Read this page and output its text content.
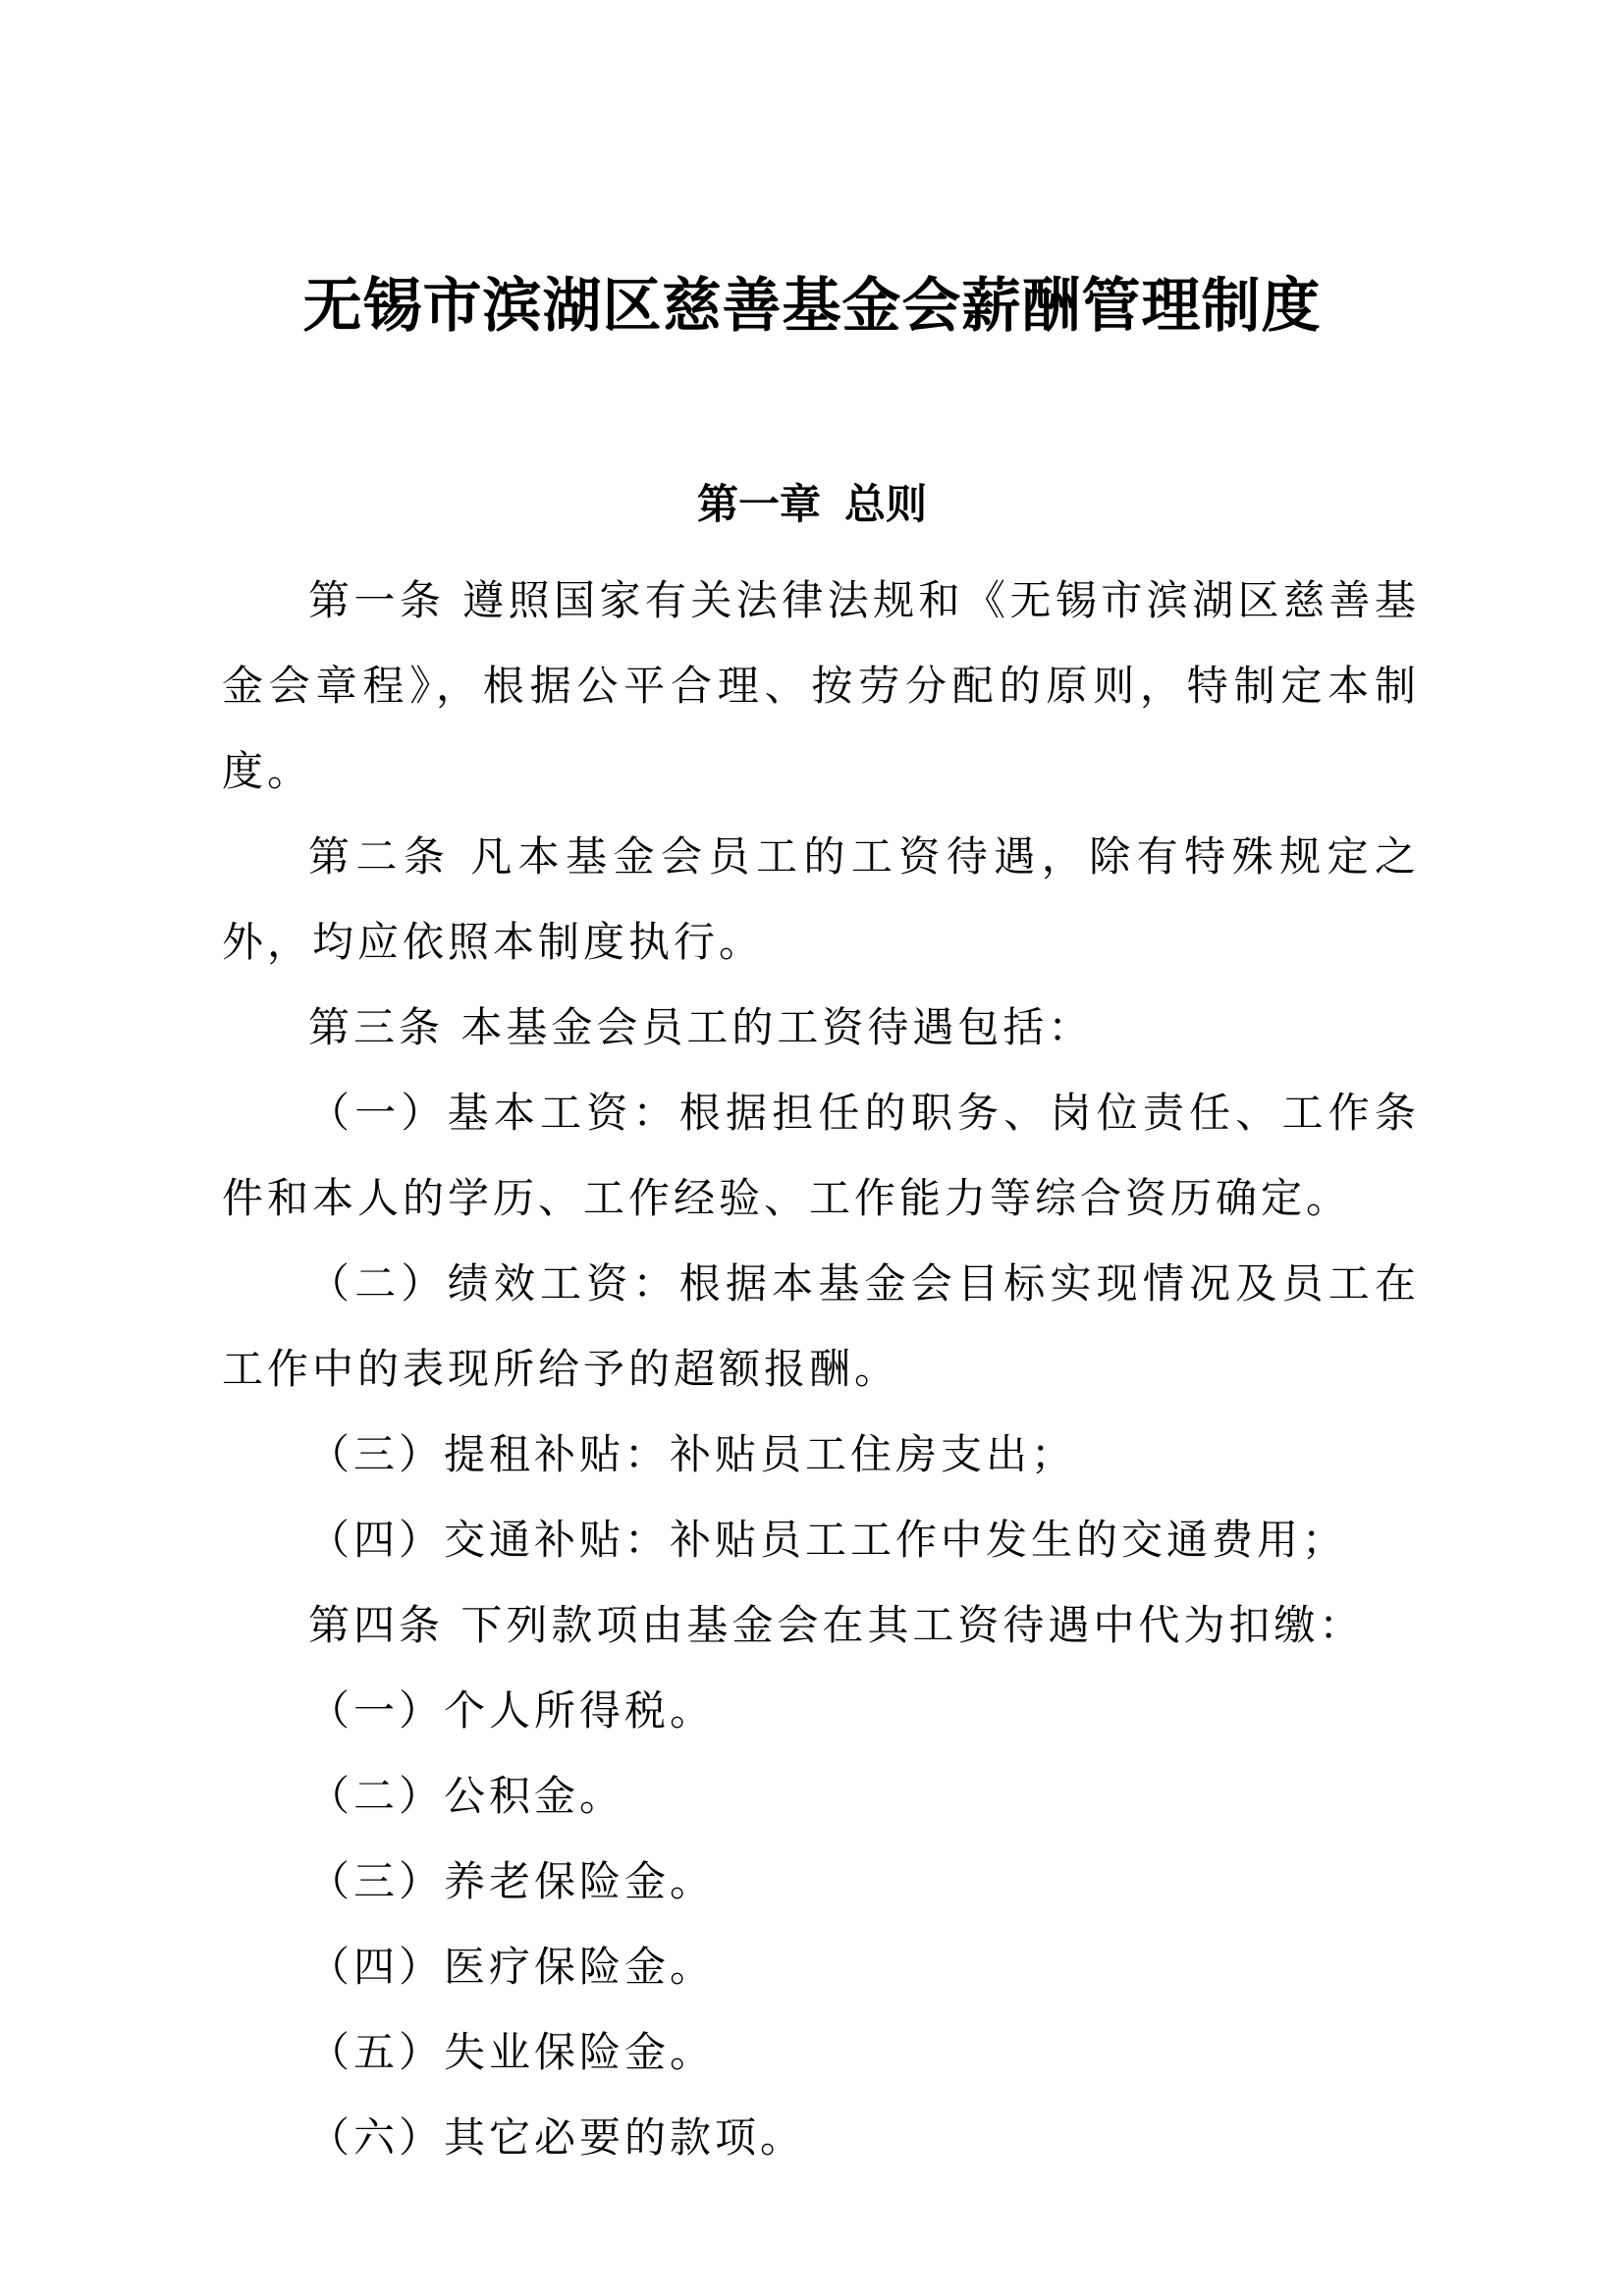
无锡市滨湖区慈善基金会薪酬管理制度
第一章 总则

第一条 遵照国家有关法律法规和《无锡市滨湖区慈善基金会章程》，根据公平合理、按劳分配的原则，特制定本制度。

第二条 凡本基金会员工的工资待遇，除有特殊规定之外，均应依照本制度执行。

第三条 本基金会员工的工资待遇包括：

（一）基本工资：根据担任的职务、岗位责任、工作条件和本人的学历、工作经验、工作能力等综合资历确定。

（二）绩效工资：根据本基金会目标实现情况及员工在工作中的表现所给予的超额报酬。

（三）提租补贴：补贴员工住房支出；

（四）交通补贴：补贴员工工作中发生的交通费用；

第四条 下列款项由基金会在其工资待遇中代为扣缴：

（一）个人所得税。

（二）公积金。

（三）养老保险金。

（四）医疗保险金。

（五）失业保险金。

（六）其它必要的款项。
